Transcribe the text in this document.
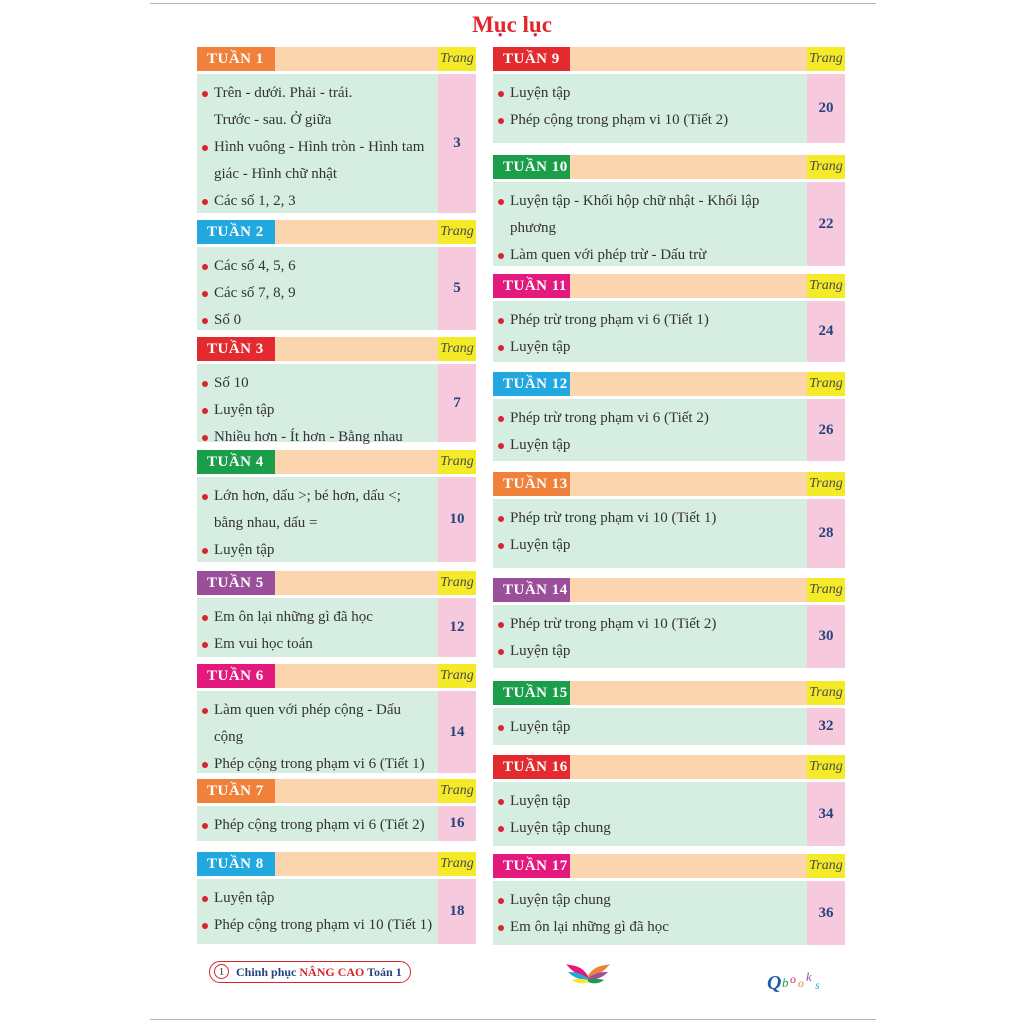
Mục lục
TUẦN 1	Trang
Trên - dưới. Phải - trái.
Trước - sau. Ở giữa
Hình vuông - Hình tròn - Hình tam
giác - Hình chữ nhật
Các số 1, 2, 3
3
TUẦN 2	Trang
Các số 4, 5, 6
Các số 7, 8, 9
Số 0
5
TUẦN 3	Trang
Số 10
Luyện tập
Nhiều hơn - Ít hơn - Bằng nhau
7
TUẦN 4	Trang
Lớn hơn, dấu >; bé hơn, dấu <;
bằng nhau, dấu =
Luyện tập
10
TUẦN 5	Trang
Em ôn lại những gì đã học
Em vui học toán
12
TUẦN 6	Trang
Làm quen với phép cộng - Dấu
cộng
Phép cộng trong phạm vi 6 (Tiết 1)
14
TUẦN 7	Trang
Phép cộng trong phạm vi 6 (Tiết 2)	16
TUẦN 8	Trang
Luyện tập
Phép cộng trong phạm vi 10 (Tiết 1)
18
TUẦN 9	Trang
Luyện tập
Phép cộng trong phạm vi 10 (Tiết 2)
20
TUẦN 10	Trang
Luyện tập - Khối hộp chữ nhật - Khối lập
phương
Làm quen với phép trừ - Dấu trừ
22
TUẦN 11	Trang
Phép trừ trong phạm vi 6 (Tiết 1)
Luyện tập
24
TUẦN 12	Trang
Phép trừ trong phạm vi 6 (Tiết 2)
Luyện tập
26
TUẦN 13	Trang
Phép trừ trong phạm vi 10 (Tiết 1)
Luyện tập
28
TUẦN 14	Trang
Phép trừ trong phạm vi 10 (Tiết 2)
Luyện tập
30
TUẦN 15	Trang
Luyện tập	32
TUẦN 16	Trang
Luyện tập
Luyện tập chung
34
TUẦN 17	Trang
Luyện tập chung
Em ôn lại những gì đã học
36
1 Chinh phục NÂNG CAO Toán 1	Q b o o k
s
